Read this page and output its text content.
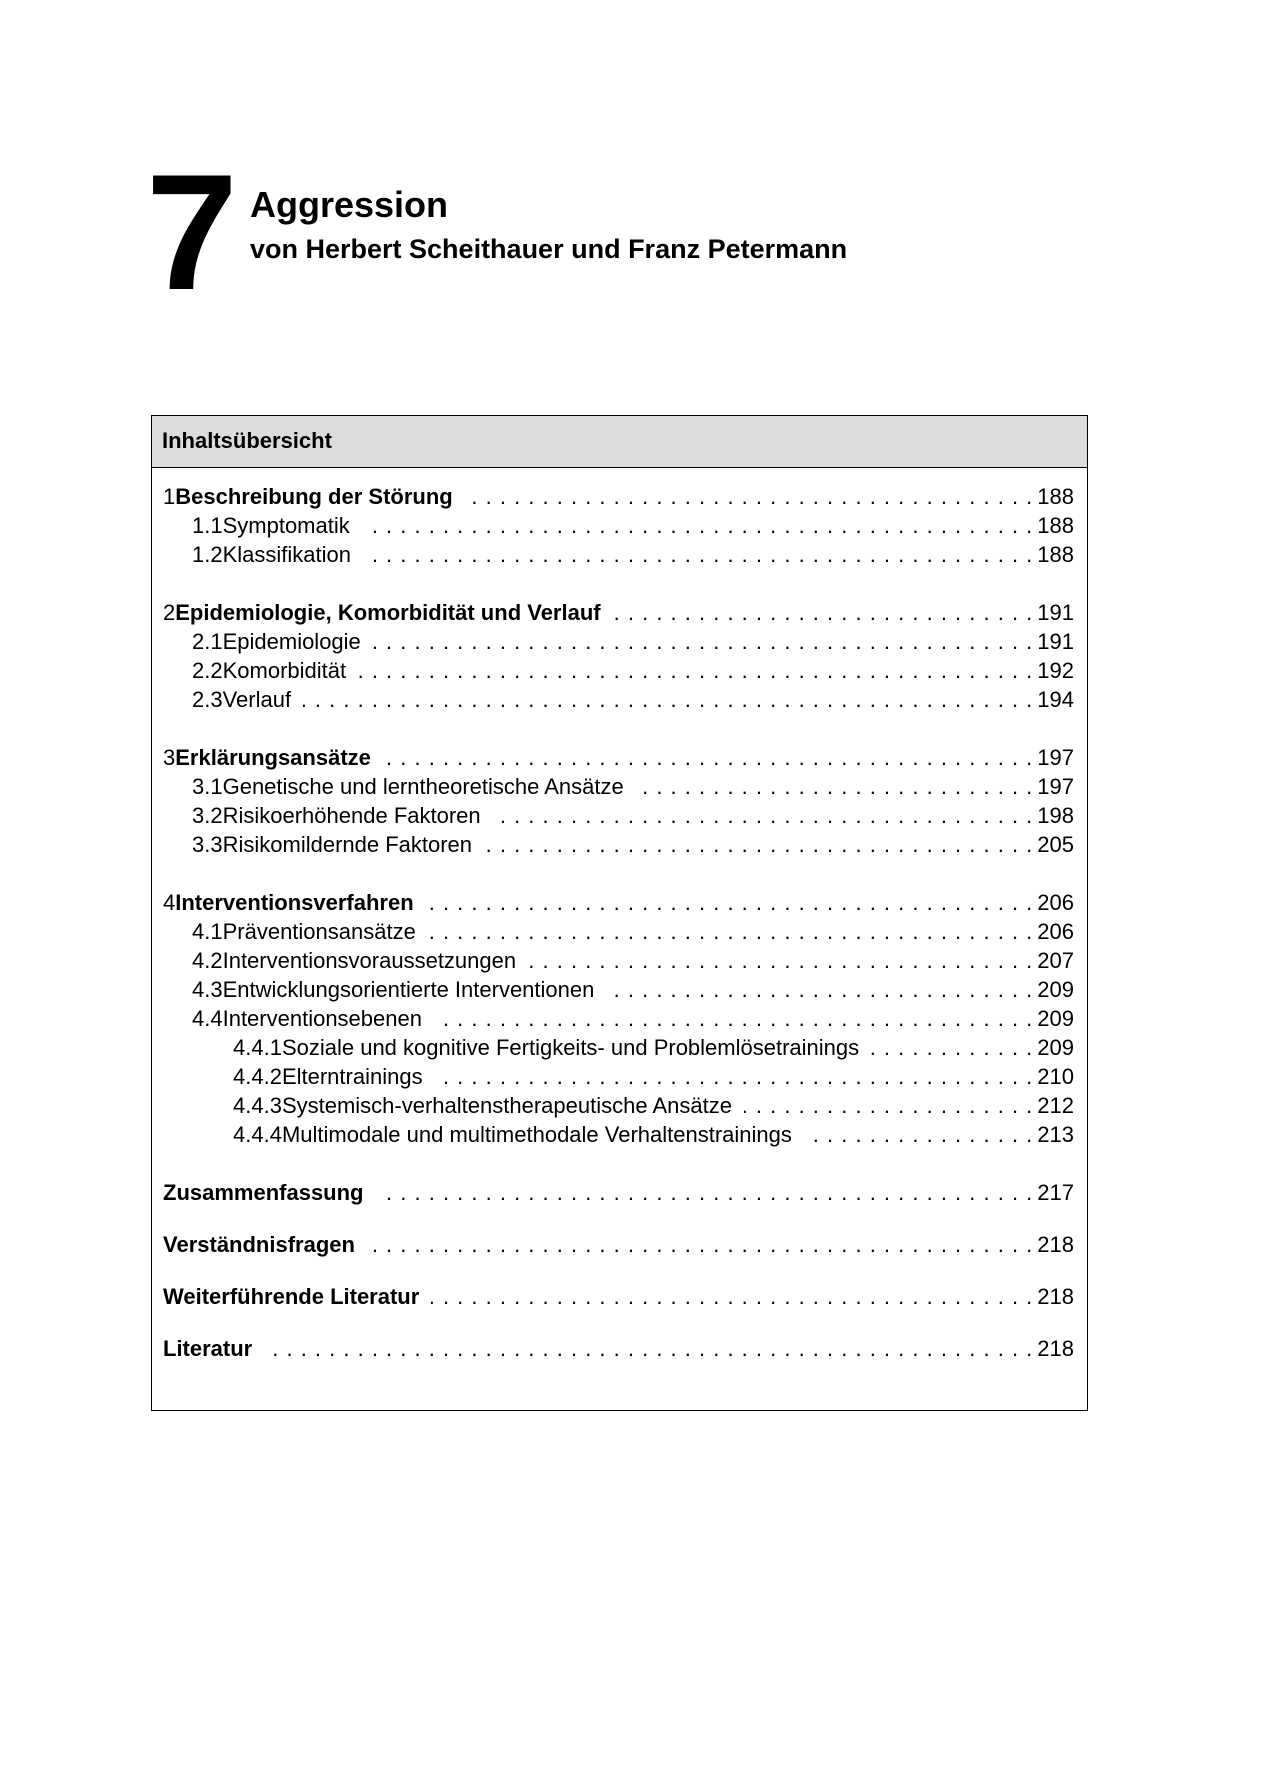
7 Aggression
von Herbert Scheithauer und Franz Petermann
Inhaltsübersicht
1 Beschreibung der Störung . . .	188
1.1 Symptomatik . . .	188
1.2 Klassifikation . . .	188
2 Epidemiologie, Komorbidität und Verlauf . . .	191
2.1 Epidemiologie . . .	191
2.2 Komorbidität . . .	192
2.3 Verlauf . . .	194
3 Erklärungsansätze . . .	197
3.1 Genetische und lerntheoretische Ansätze . . .	197
3.2 Risikoerhöhende Faktoren . . .	198
3.3 Risikomildernde Faktoren . . .	205
4 Interventionsverfahren . . .	206
4.1 Präventionsansätze . . .	206
4.2 Interventionsvoraussetzungen . . .	207
4.3 Entwicklungsorientierte Interventionen . . .	209
4.4 Interventionsebenen . . .	209
4.4.1 Soziale und kognitive Fertigkeits- und Problemlösetrainings . . .	209
4.4.2 Elterntrainings . . .	210
4.4.3 Systemisch-verhaltenstherapeutische Ansätze . . .	212
4.4.4 Multimodale und multimethodale Verhaltenstrainings . . .	213
Zusammenfassung . . .	217
Verständnisfragen . . .	218
Weiterführende Literatur . . .	218
Literatur . . .	218
